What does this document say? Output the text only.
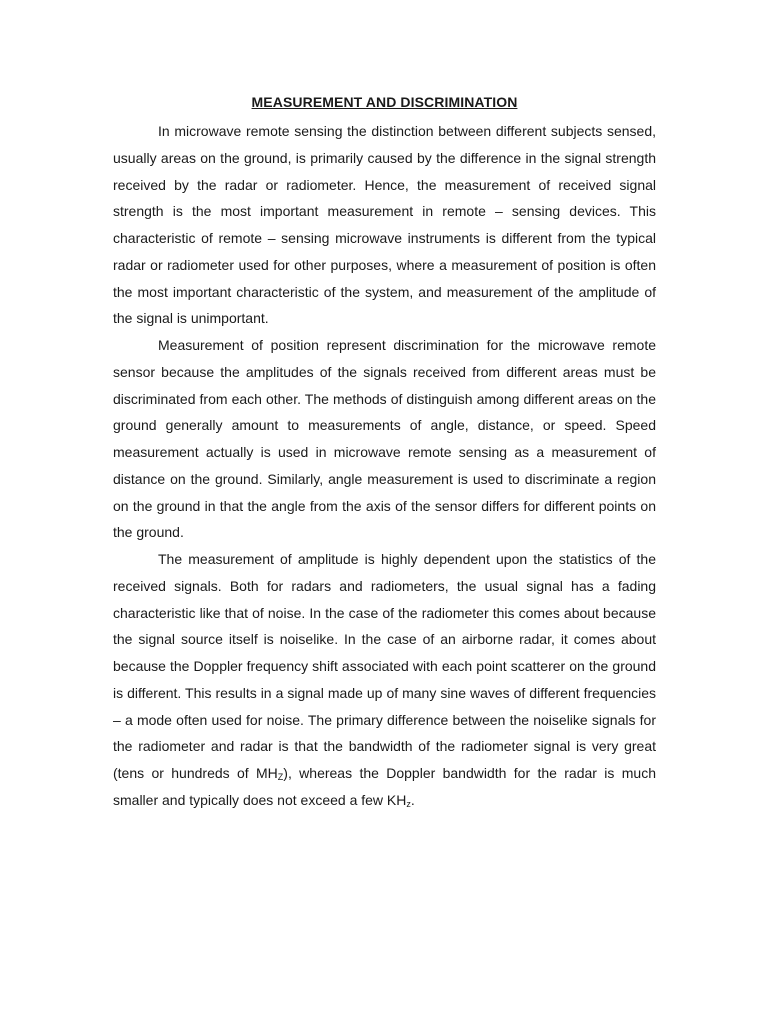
MEASUREMENT AND DISCRIMINATION

In microwave remote sensing the distinction between different subjects sensed, usually areas on the ground, is primarily caused by the difference in the signal strength received by the radar or radiometer. Hence, the measurement of received signal strength is the most important measurement in remote – sensing devices. This characteristic of remote – sensing microwave instruments is different from the typical radar or radiometer used for other purposes, where a measurement of position is often the most important characteristic of the system, and measurement of the amplitude of the signal is unimportant.

Measurement of position represent discrimination for the microwave remote sensor because the amplitudes of the signals received from different areas must be discriminated from each other. The methods of distinguish among different areas on the ground generally amount to measurements of angle, distance, or speed. Speed measurement actually is used in microwave remote sensing as a measurement of distance on the ground. Similarly, angle measurement is used to discriminate a region on the ground in that the angle from the axis of the sensor differs for different points on the ground.

The measurement of amplitude is highly dependent upon the statistics of the received signals. Both for radars and radiometers, the usual signal has a fading characteristic like that of noise. In the case of the radiometer this comes about because the signal source itself is noiselike. In the case of an airborne radar, it comes about because the Doppler frequency shift associated with each point scatterer on the ground is different. This results in a signal made up of many sine waves of different frequencies – a mode often used for noise. The primary difference between the noiselike signals for the radiometer and radar is that the bandwidth of the radiometer signal is very great (tens or hundreds of $MH_Z$), whereas the Doppler bandwidth for the radar is much smaller and typically does not exceed a few $KH_z$.
